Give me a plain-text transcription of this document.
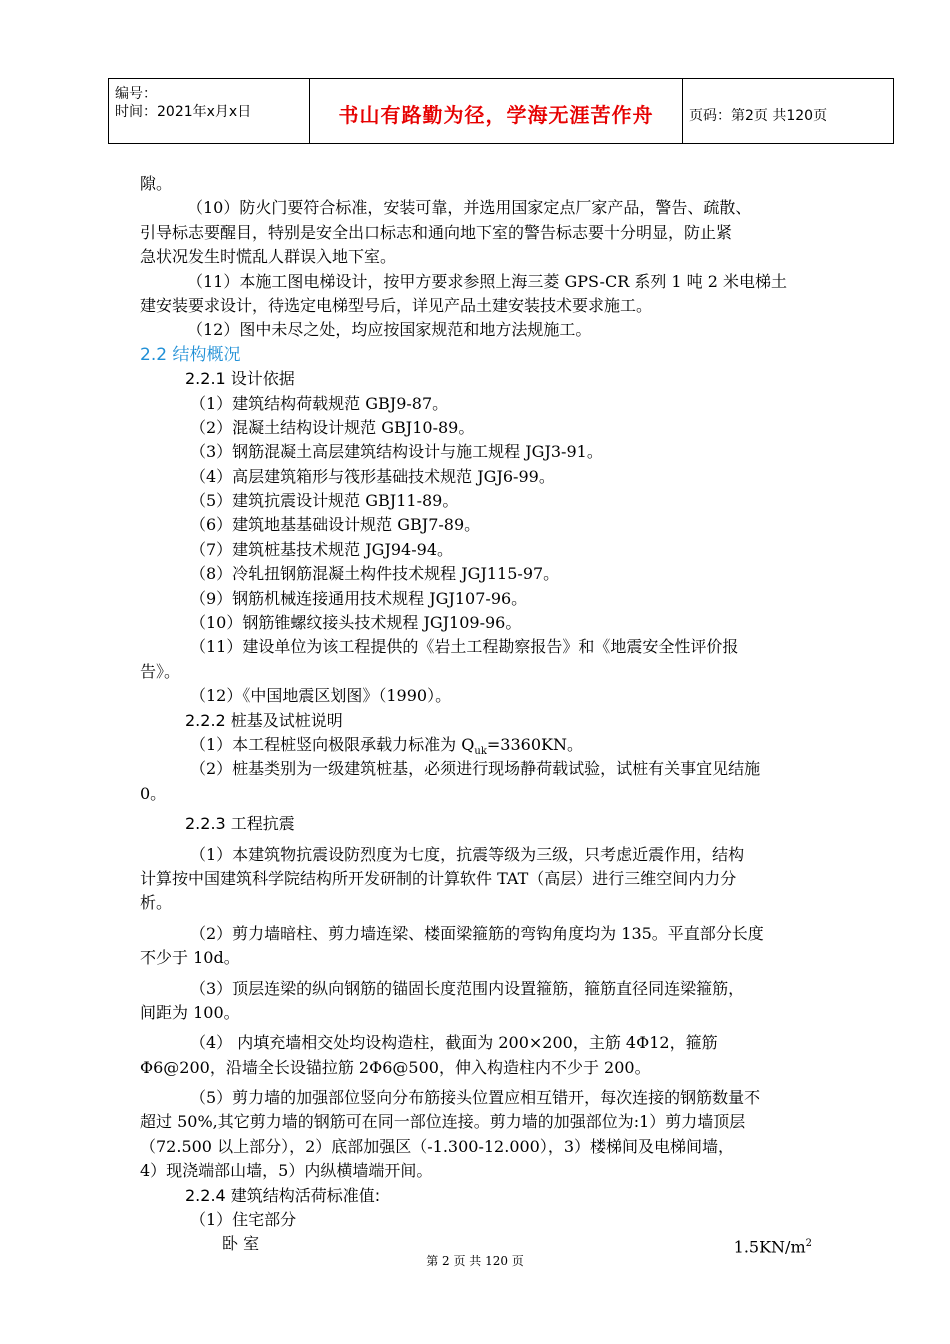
编号：
时间：2021年x月x日	书山有路勤为径，学海无涯苦作舟	页码：第2页 共120页
隙。
（10）防火门要符合标准，安装可靠，并选用国家定点厂家产品，警告、疏散、
引导标志要醒目，特别是安全出口标志和通向地下室的警告标志要十分明显，防止紧
急状况发生时慌乱人群误入地下室。
（11）本施工图电梯设计，按甲方要求参照上海三菱 GPS-CR 系列 1 吨 2 米电梯土
建安装要求设计，待选定电梯型号后，详见产品土建安装技术要求施工。
（12）图中未尽之处，均应按国家规范和地方法规施工。
2.2 结构概况
2.2.1 设计依据
（1）建筑结构荷载规范 GBJ9-87。
（2）混凝土结构设计规范 GBJ10-89。
（3）钢筋混凝土高层建筑结构设计与施工规程 JGJ3-91。
（4）高层建筑箱形与筏形基础技术规范 JGJ6-99。
（5）建筑抗震设计规范 GBJ11-89。
（6）建筑地基基础设计规范 GBJ7-89。
（7）建筑桩基技术规范 JGJ94-94。
（8）冷轧扭钢筋混凝土构件技术规程 JGJ115-97。
（9）钢筋机械连接通用技术规程 JGJ107-96。
（10）钢筋锥螺纹接头技术规程 JGJ109-96。
（11）建设单位为该工程提供的《岩土工程勘察报告》和《地震安全性评价报
告》。
（12）《中国地震区划图》（1990）。
2.2.2 桩基及试桩说明
（1）本工程桩竖向极限承载力标准为 $Q_{uk}=3360KN$。
（2）桩基类别为一级建筑桩基，必须进行现场静荷载试验，试桩有关事宜见结施
0。
2.2.3 工程抗震
（1）本建筑物抗震设防烈度为七度，抗震等级为三级，只考虑近震作用，结构
计算按中国建筑科学院结构所开发研制的计算软件 TAT（高层）进行三维空间内力分
析。
（2）剪力墙暗柱、剪力墙连梁、楼面梁箍筋的弯钩角度均为 135。平直部分长度
不少于 10d。
（3）顶层连梁的纵向钢筋的锚固长度范围内设置箍筋，箍筋直径同连梁箍筋，
间距为 100。
（4） 内填充墙相交处均设构造柱，截面为 200×200，主筋 4Φ12，箍筋
Φ6@200，沿墙全长设锚拉筋 2Φ6@500，伸入构造柱内不少于 200。
（5）剪力墙的加强部位竖向分布筋接头位置应相互错开，每次连接的钢筋数量不
超过 50%,其它剪力墙的钢筋可在同一部位连接。剪力墙的加强部位为:1）剪力墙顶层
（72.500 以上部分），2）底部加强区（-1.300-12.000），3）楼梯间及电梯间墙，
4）现浇端部山墙，5）内纵横墙端开间。
2.2.4 建筑结构活荷标准值:
（1）住宅部分
卧 室	$1.5KN/m^2$
第 2 页 共 120 页
